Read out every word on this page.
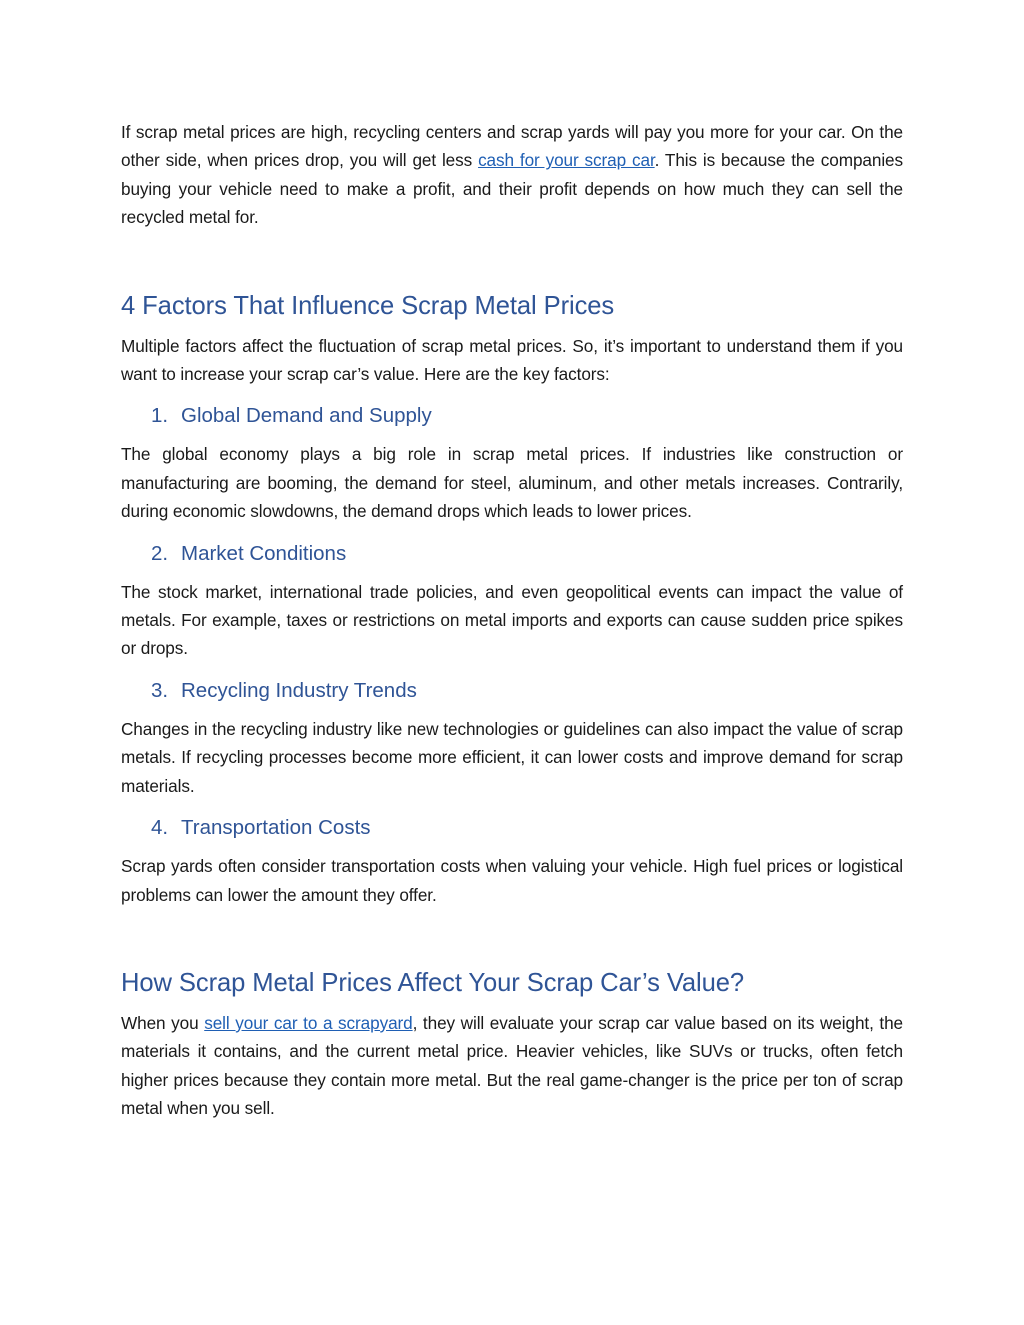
If scrap metal prices are high, recycling centers and scrap yards will pay you more for your car. On the other side, when prices drop, you will get less cash for your scrap car. This is because the companies buying your vehicle need to make a profit, and their profit depends on how much they can sell the recycled metal for.

4 Factors That Influence Scrap Metal Prices

Multiple factors affect the fluctuation of scrap metal prices. So, it’s important to understand them if you want to increase your scrap car’s value. Here are the key factors:

1. Global Demand and Supply

The global economy plays a big role in scrap metal prices. If industries like construction or manufacturing are booming, the demand for steel, aluminum, and other metals increases. Contrarily, during economic slowdowns, the demand drops which leads to lower prices.

2. Market Conditions

The stock market, international trade policies, and even geopolitical events can impact the value of metals. For example, taxes or restrictions on metal imports and exports can cause sudden price spikes or drops.

3. Recycling Industry Trends

Changes in the recycling industry like new technologies or guidelines can also impact the value of scrap metals. If recycling processes become more efficient, it can lower costs and improve demand for scrap materials.

4. Transportation Costs

Scrap yards often consider transportation costs when valuing your vehicle. High fuel prices or logistical problems can lower the amount they offer.

How Scrap Metal Prices Affect Your Scrap Car’s Value?

When you sell your car to a scrapyard, they will evaluate your scrap car value based on its weight, the materials it contains, and the current metal price. Heavier vehicles, like SUVs or trucks, often fetch higher prices because they contain more metal. But the real game-changer is the price per ton of scrap metal when you sell.
